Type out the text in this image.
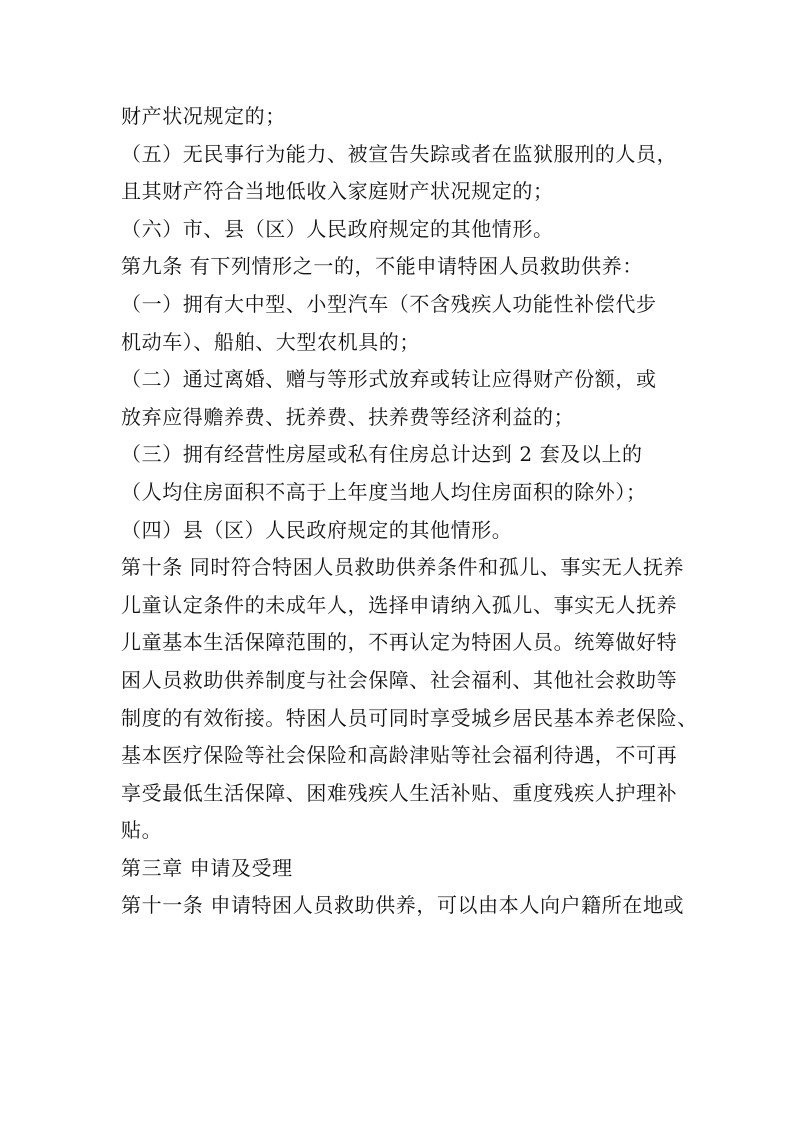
财产状况规定的；
（五）无民事行为能力、被宣告失踪或者在监狱服刑的人员，
且其财产符合当地低收入家庭财产状况规定的；
（六）市、县（区）人民政府规定的其他情形。
第九条 有下列情形之一的，不能申请特困人员救助供养：
（一）拥有大中型、小型汽车（不含残疾人功能性补偿代步
机动车）、船舶、大型农机具的；
（二）通过离婚、赠与等形式放弃或转让应得财产份额，或
放弃应得赡养费、抚养费、扶养费等经济利益的；
（三）拥有经营性房屋或私有住房总计达到 2 套及以上的
（人均住房面积不高于上年度当地人均住房面积的除外）；
（四）县（区）人民政府规定的其他情形。
第十条 同时符合特困人员救助供养条件和孤儿、事实无人抚养
儿童认定条件的未成年人，选择申请纳入孤儿、事实无人抚养
儿童基本生活保障范围的，不再认定为特困人员。统筹做好特
困人员救助供养制度与社会保障、社会福利、其他社会救助等
制度的有效衔接。特困人员可同时享受城乡居民基本养老保险、
基本医疗保险等社会保险和高龄津贴等社会福利待遇，不可再
享受最低生活保障、困难残疾人生活补贴、重度残疾人护理补
贴。
第三章 申请及受理
第十一条 申请特困人员救助供养，可以由本人向户籍所在地或
